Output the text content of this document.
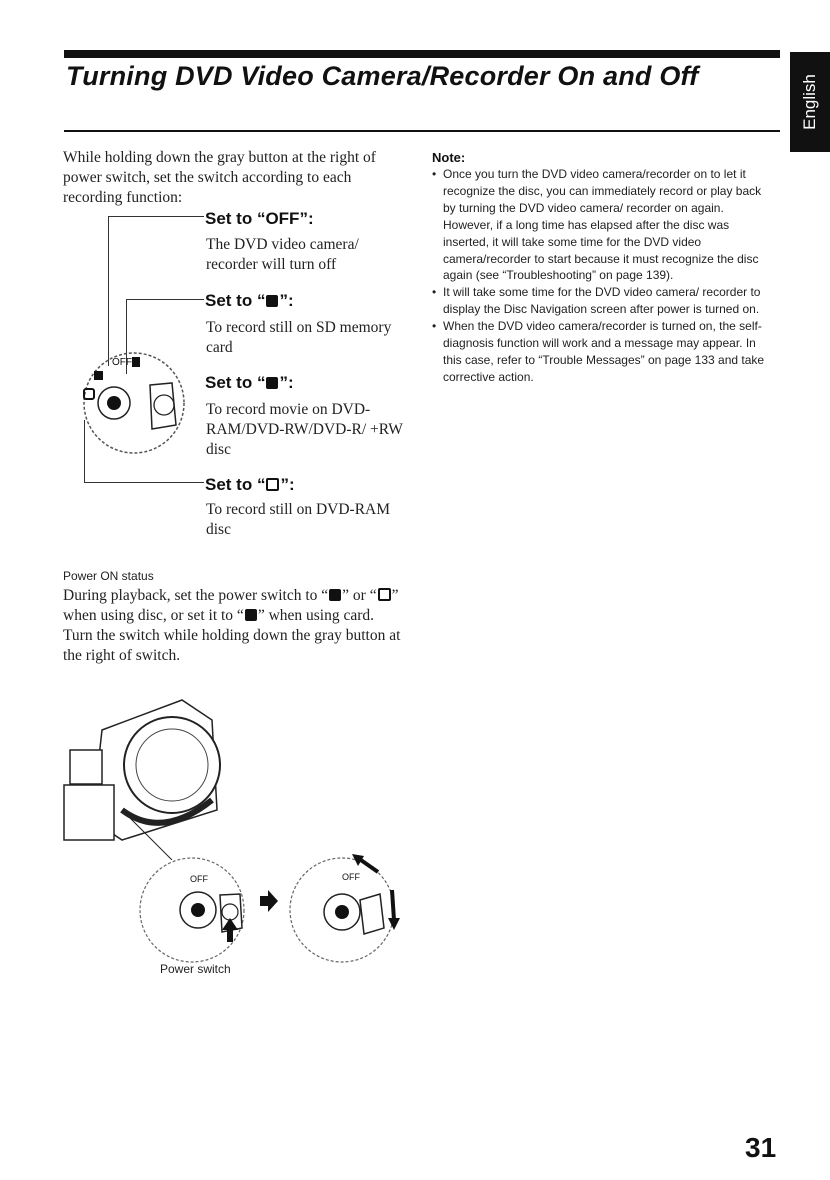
Turning DVD Video Camera/Recorder On and Off	English
While holding down the gray button at the right of power switch, set the switch according to each recording function:
OFF
Set to “OFF”:
The DVD video camera/ recorder will turn off
Set to “ ”:
To record still on SD memory card
Set to “ ”:
To record movie on DVD-RAM/DVD-RW/DVD-R/ +RW disc
Set to “ ”:
To record still on DVD-RAM disc
Power ON status
During playback, set the power switch to “ ” or “ ” when using disc, or set it to “ ” when using card.
Turn the switch while holding down the gray button at the right of switch.
Note:
• Once you turn the DVD video camera/recorder on to let it recognize the disc, you can immediately record or play back by turning the DVD video camera/ recorder on again. However, if a long time has elapsed after the disc was inserted, it will take some time for the DVD video camera/recorder to start because it must recognize the disc again (see “Troubleshooting” on page 139).
• It will take some time for the DVD video camera/ recorder to display the Disc Navigation screen after power is turned on.
• When the DVD video camera/recorder is turned on, the self-diagnosis function will work and a message may appear. In this case, refer to “Trouble Messages” on page 133 and take corrective action.
OFF	OFF
Power switch
31
